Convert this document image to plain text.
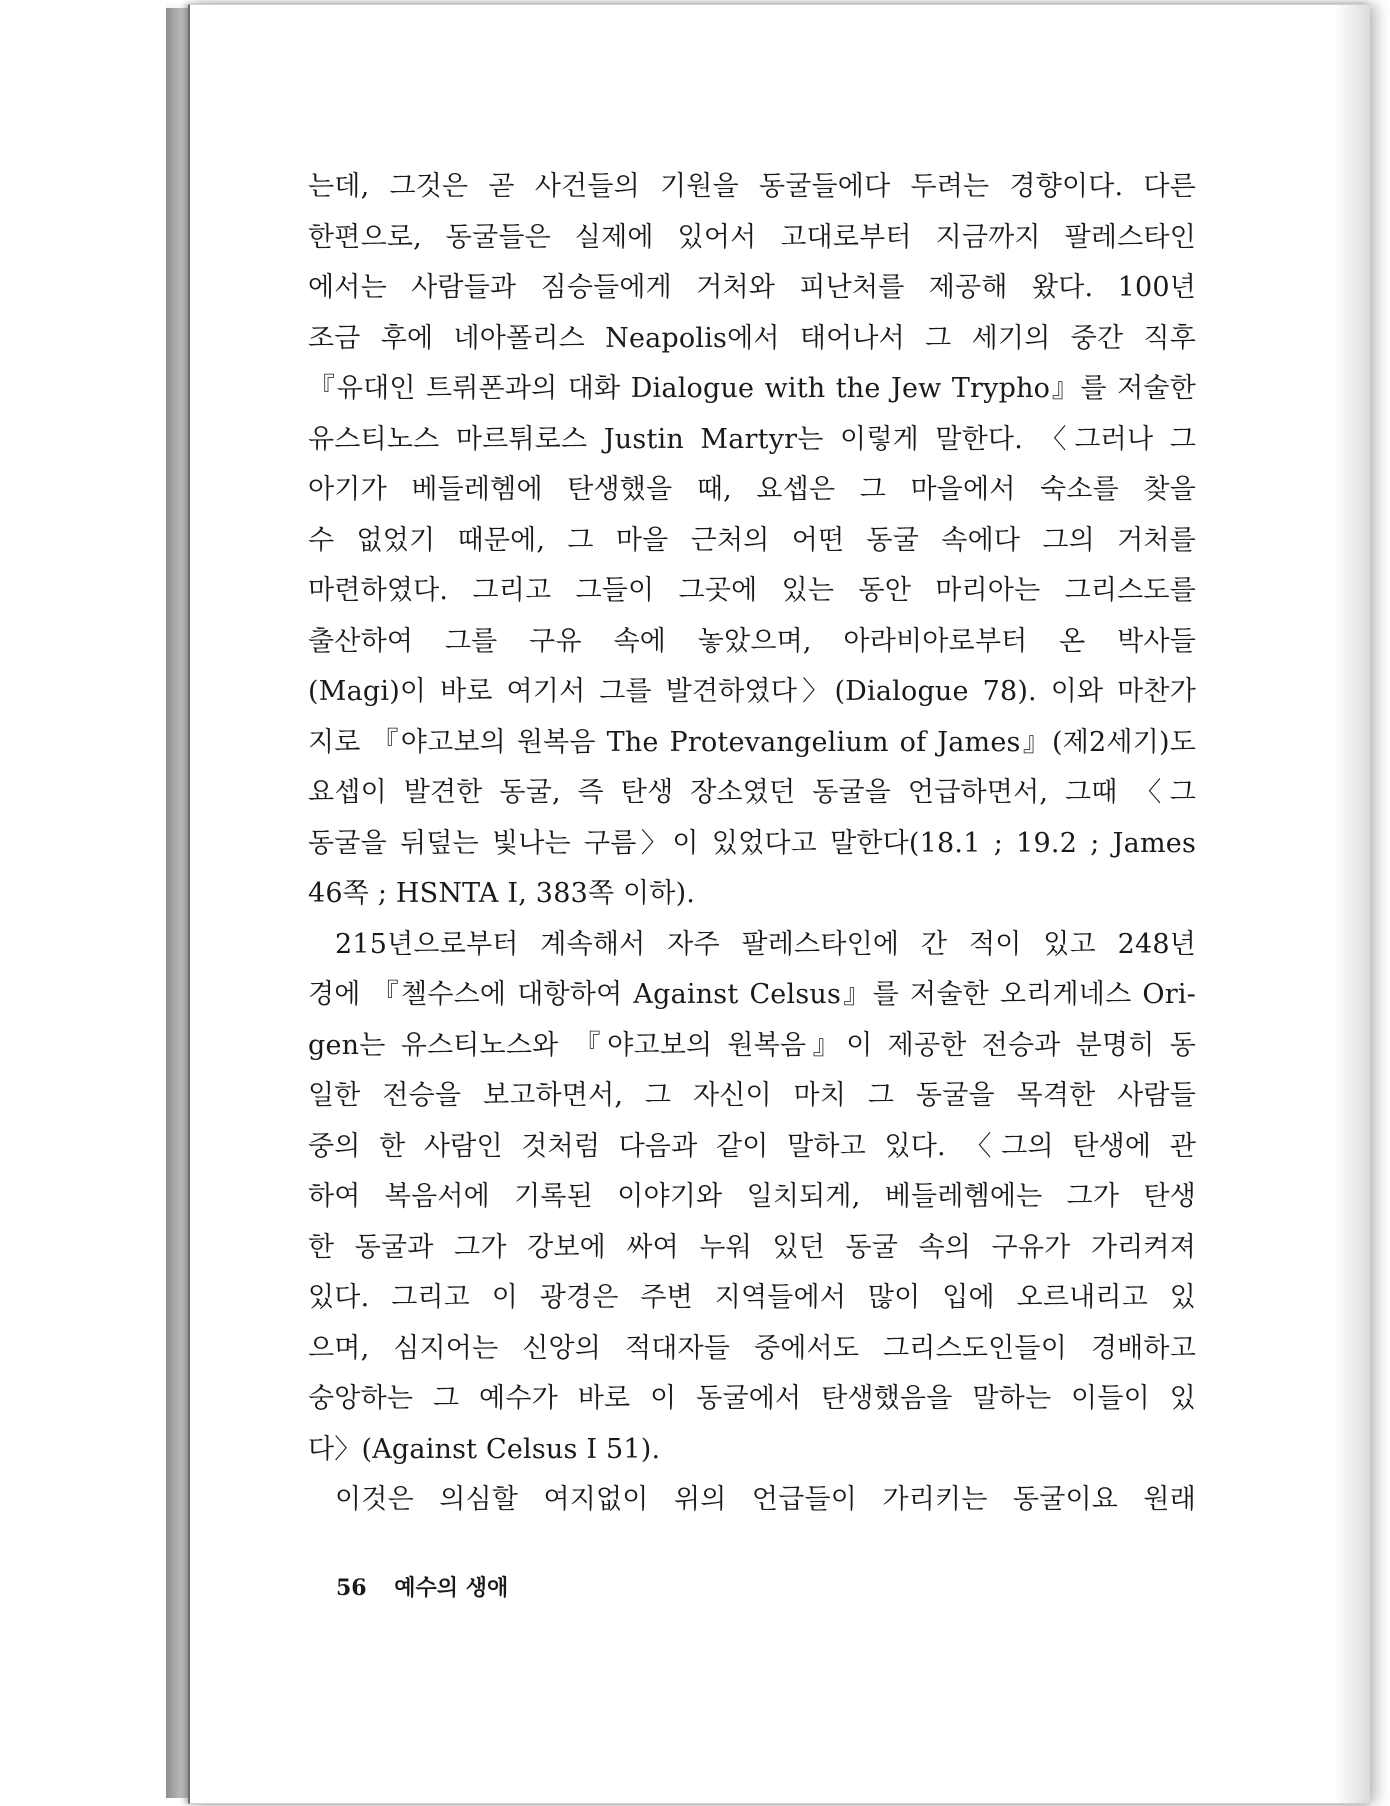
는데, 그것은 곧 사건들의 기원을 동굴들에다 두려는 경향이다. 다른
한편으로, 동굴들은 실제에 있어서 고대로부터 지금까지 팔레스타인
에서는 사람들과 짐승들에게 거처와 피난처를 제공해 왔다. 100년
조금 후에 네아폴리스 Neapolis에서 태어나서 그 세기의 중간 직후
『유대인 트뤼폰과의 대화 Dialogue with the Jew Trypho』를 저술한
유스티노스 마르튀로스 Justin Martyr는 이렇게 말한다. 〈그러나 그
아기가 베들레헴에 탄생했을 때, 요셉은 그 마을에서 숙소를 찾을
수 없었기 때문에, 그 마을 근처의 어떤 동굴 속에다 그의 거처를
마련하였다. 그리고 그들이 그곳에 있는 동안 마리아는 그리스도를
출산하여 그를 구유 속에 놓았으며, 아라비아로부터 온 박사들
(Magi)이 바로 여기서 그를 발견하였다〉(Dialogue 78). 이와 마찬가
지로 『야고보의 원복음 The Protevangelium of James』(제2세기)도
요셉이 발견한 동굴, 즉 탄생 장소였던 동굴을 언급하면서, 그때 〈그
동굴을 뒤덮는 빛나는 구름〉이 있었다고 말한다(18.1 ; 19.2 ; James
46쪽 ; HSNTA I, 383쪽 이하).
215년으로부터 계속해서 자주 팔레스타인에 간 적이 있고 248년
경에 『첼수스에 대항하여 Against Celsus』를 저술한 오리게네스 Ori-
gen는 유스티노스와 『야고보의 원복음』이 제공한 전승과 분명히 동
일한 전승을 보고하면서, 그 자신이 마치 그 동굴을 목격한 사람들
중의 한 사람인 것처럼 다음과 같이 말하고 있다. 〈그의 탄생에 관
하여 복음서에 기록된 이야기와 일치되게, 베들레헴에는 그가 탄생
한 동굴과 그가 강보에 싸여 누워 있던 동굴 속의 구유가 가리켜져
있다. 그리고 이 광경은 주변 지역들에서 많이 입에 오르내리고 있
으며, 심지어는 신앙의 적대자들 중에서도 그리스도인들이 경배하고
숭앙하는 그 예수가 바로 이 동굴에서 탄생했음을 말하는 이들이 있
다〉(Against Celsus I 51).
이것은 의심할 여지없이 위의 언급들이 가리키는 동굴이요 원래
56 예수의 생애
